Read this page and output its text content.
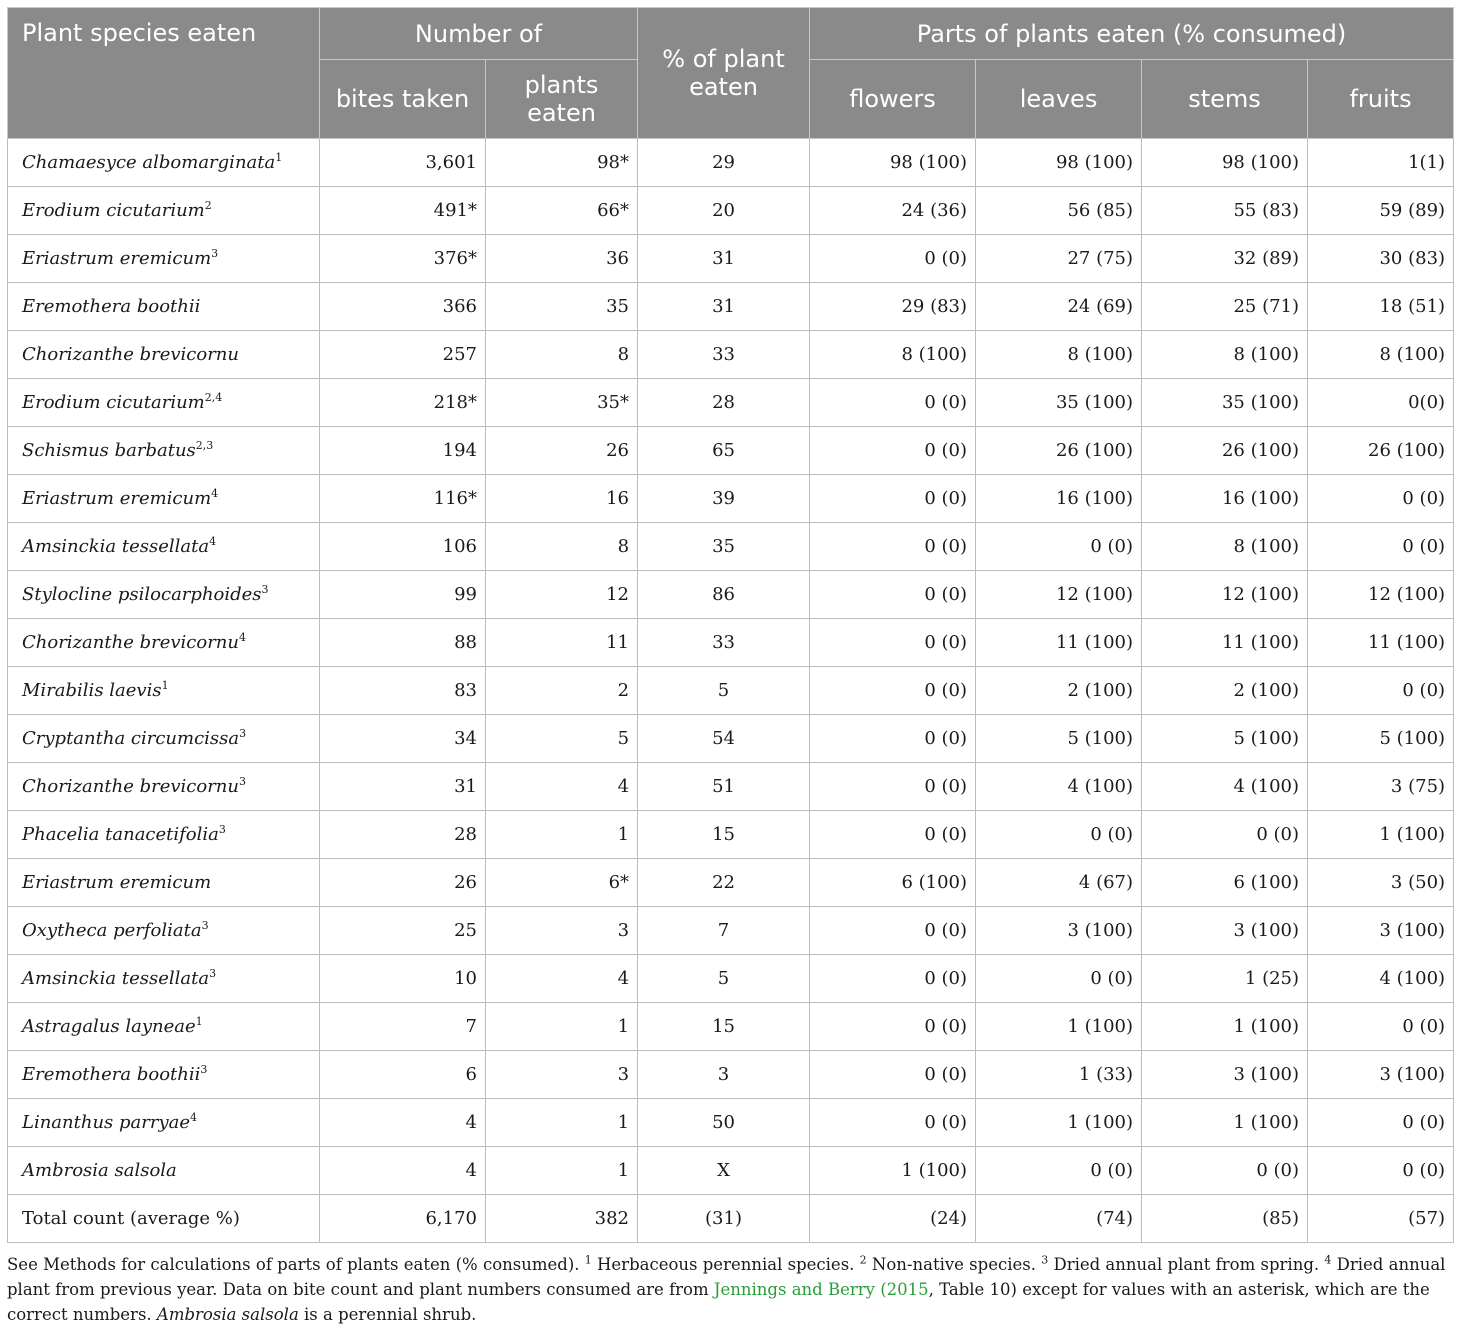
Plant species eaten	Number of		% of plant eaten	Parts of plants eaten (% consumed)			
	bites taken	plants eaten		flowers	leaves	stems	fruits
Chamaesyce albomarginata$^1$	3,601	98*	29	98 (100)	98 (100)	98 (100)	1(1)
Erodium cicutarium$^2$	491*	66*	20	24 (36)	56 (85)	55 (83)	59 (89)
Eriastrum eremicum$^3$	376*	36	31	0 (0)	27 (75)	32 (89)	30 (83)
Eremothera boothii	366	35	31	29 (83)	24 (69)	25 (71)	18 (51)
Chorizanthe brevicornu	257	8	33	8 (100)	8 (100)	8 (100)	8 (100)
Erodium cicutarium$^{2,4}$	218*	35*	28	0 (0)	35 (100)	35 (100)	0(0)
Schismus barbatus$^{2,3}$	194	26	65	0 (0)	26 (100)	26 (100)	26 (100)
Eriastrum eremicum$^4$	116*	16	39	0 (0)	16 (100)	16 (100)	0 (0)
Amsinckia tessellata$^4$	106	8	35	0 (0)	0 (0)	8 (100)	0 (0)
Stylocline psilocarphoides$^3$	99	12	86	0 (0)	12 (100)	12 (100)	12 (100)
Chorizanthe brevicornu$^4$	88	11	33	0 (0)	11 (100)	11 (100)	11 (100)
Mirabilis laevis$^1$	83	2	5	0 (0)	2 (100)	2 (100)	0 (0)
Cryptantha circumcissa$^3$	34	5	54	0 (0)	5 (100)	5 (100)	5 (100)
Chorizanthe brevicornu$^3$	31	4	51	0 (0)	4 (100)	4 (100)	3 (75)
Phacelia tanacetifolia$^3$	28	1	15	0 (0)	0 (0)	0 (0)	1 (100)
Eriastrum eremicum	26	6*	22	6 (100)	4 (67)	6 (100)	3 (50)
Oxytheca perfoliata$^3$	25	3	7	0 (0)	3 (100)	3 (100)	3 (100)
Amsinckia tessellata$^3$	10	4	5	0 (0)	0 (0)	1 (25)	4 (100)
Astragalus layneae$^1$	7	1	15	0 (0)	1 (100)	1 (100)	0 (0)
Eremothera boothii$^3$	6	3	3	0 (0)	1 (33)	3 (100)	3 (100)
Linanthus parryae$^4$	4	1	50	0 (0)	1 (100)	1 (100)	0 (0)
Ambrosia salsola	4	1	X	1 (100)	0 (0)	0 (0)	0 (0)
Total count (average %)	6,170	382	(31)	(24)	(74)	(85)	(57)
See Methods for calculations of parts of plants eaten (% consumed). $^1$ Herbaceous perennial species. $^2$ Non-native species. $^3$ Dried annual plant from spring. $^4$ Dried annual plant from previous year. Data on bite count and plant numbers consumed are from Jennings and Berry (2015, Table 10) except for values with an asterisk, which are the correct numbers. Ambrosia salsola is a perennial shrub.
